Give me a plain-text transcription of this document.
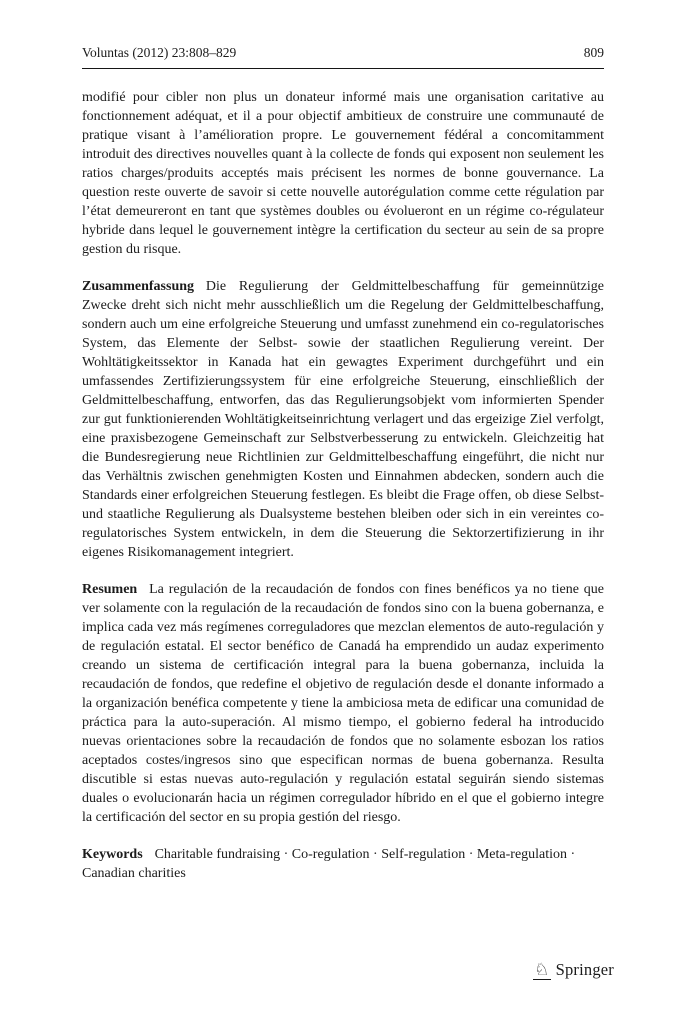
Voluntas (2012) 23:808–829	809

modifié pour cibler non plus un donateur informé mais une organisation caritative au fonctionnement adéquat, et il a pour objectif ambitieux de construire une communauté de pratique visant à l’amélioration propre. Le gouvernement fédéral a concomitamment introduit des directives nouvelles quant à la collecte de fonds qui exposent non seulement les ratios charges/produits acceptés mais précisent les normes de bonne gouvernance. La question reste ouverte de savoir si cette nouvelle autorégulation comme cette régulation par l’état demeureront en tant que systèmes doubles ou évolueront en un régime co-régulateur hybride dans lequel le gouvernement intègre la certification du secteur au sein de sa propre gestion du risque.

Zusammenfassung Die Regulierung der Geldmittelbeschaffung für gemeinnützige Zwecke dreht sich nicht mehr ausschließlich um die Regelung der Geldmittelbeschaffung, sondern auch um eine erfolgreiche Steuerung und umfasst zunehmend ein co-regulatorisches System, das Elemente der Selbst- sowie der staatlichen Regulierung vereint. Der Wohltätigkeitssektor in Kanada hat ein gewagtes Experiment durchgeführt und ein umfassendes Zertifizierungssystem für eine erfolgreiche Steuerung, einschließlich der Geldmittelbeschaffung, entworfen, das das Regulierungsobjekt vom informierten Spender zur gut funktionierenden Wohltätigkeitseinrichtung verlagert und das ergeizige Ziel verfolgt, eine praxisbezogene Gemeinschaft zur Selbstverbesserung zu entwickeln. Gleichzeitig hat die Bundesregierung neue Richtlinien zur Geldmittelbeschaffung eingeführt, die nicht nur das Verhältnis zwischen genehmigten Kosten und Einnahmen abdecken, sondern auch die Standards einer erfolgreichen Steuerung festlegen. Es bleibt die Frage offen, ob diese Selbst- und staatliche Regulierung als Dualsysteme bestehen bleiben oder sich in ein vereintes co-regulatorisches System entwickeln, in dem die Steuerung die Sektorzertifizierung in ihr eigenes Risikomanagement integriert.

Resumen La regulación de la recaudación de fondos con fines benéficos ya no tiene que ver solamente con la regulación de la recaudación de fondos sino con la buena gobernanza, e implica cada vez más regímenes correguladores que mezclan elementos de auto-regulación y de regulación estatal. El sector benéfico de Canadá ha emprendido un audaz experimento creando un sistema de certificación integral para la buena gobernanza, incluida la recaudación de fondos, que redefine el objetivo de regulación desde el donante informado a la organización benéfica competente y tiene la ambiciosa meta de edificar una comunidad de práctica para la auto-superación. Al mismo tiempo, el gobierno federal ha introducido nuevas orientaciones sobre la recaudación de fondos que no solamente esbozan los ratios aceptados costes/ingresos sino que especifican normas de buena gobernanza. Resulta discutible si estas nuevas auto-regulación y regulación estatal seguirán siendo sistemas duales o evolucionarán hacia un régimen corregulador híbrido en el que el gobierno integre la certificación del sector en su propia gestión del riesgo.

Keywords Charitable fundraising · Co-regulation · Self-regulation · Meta-regulation · Canadian charities

♘ Springer
